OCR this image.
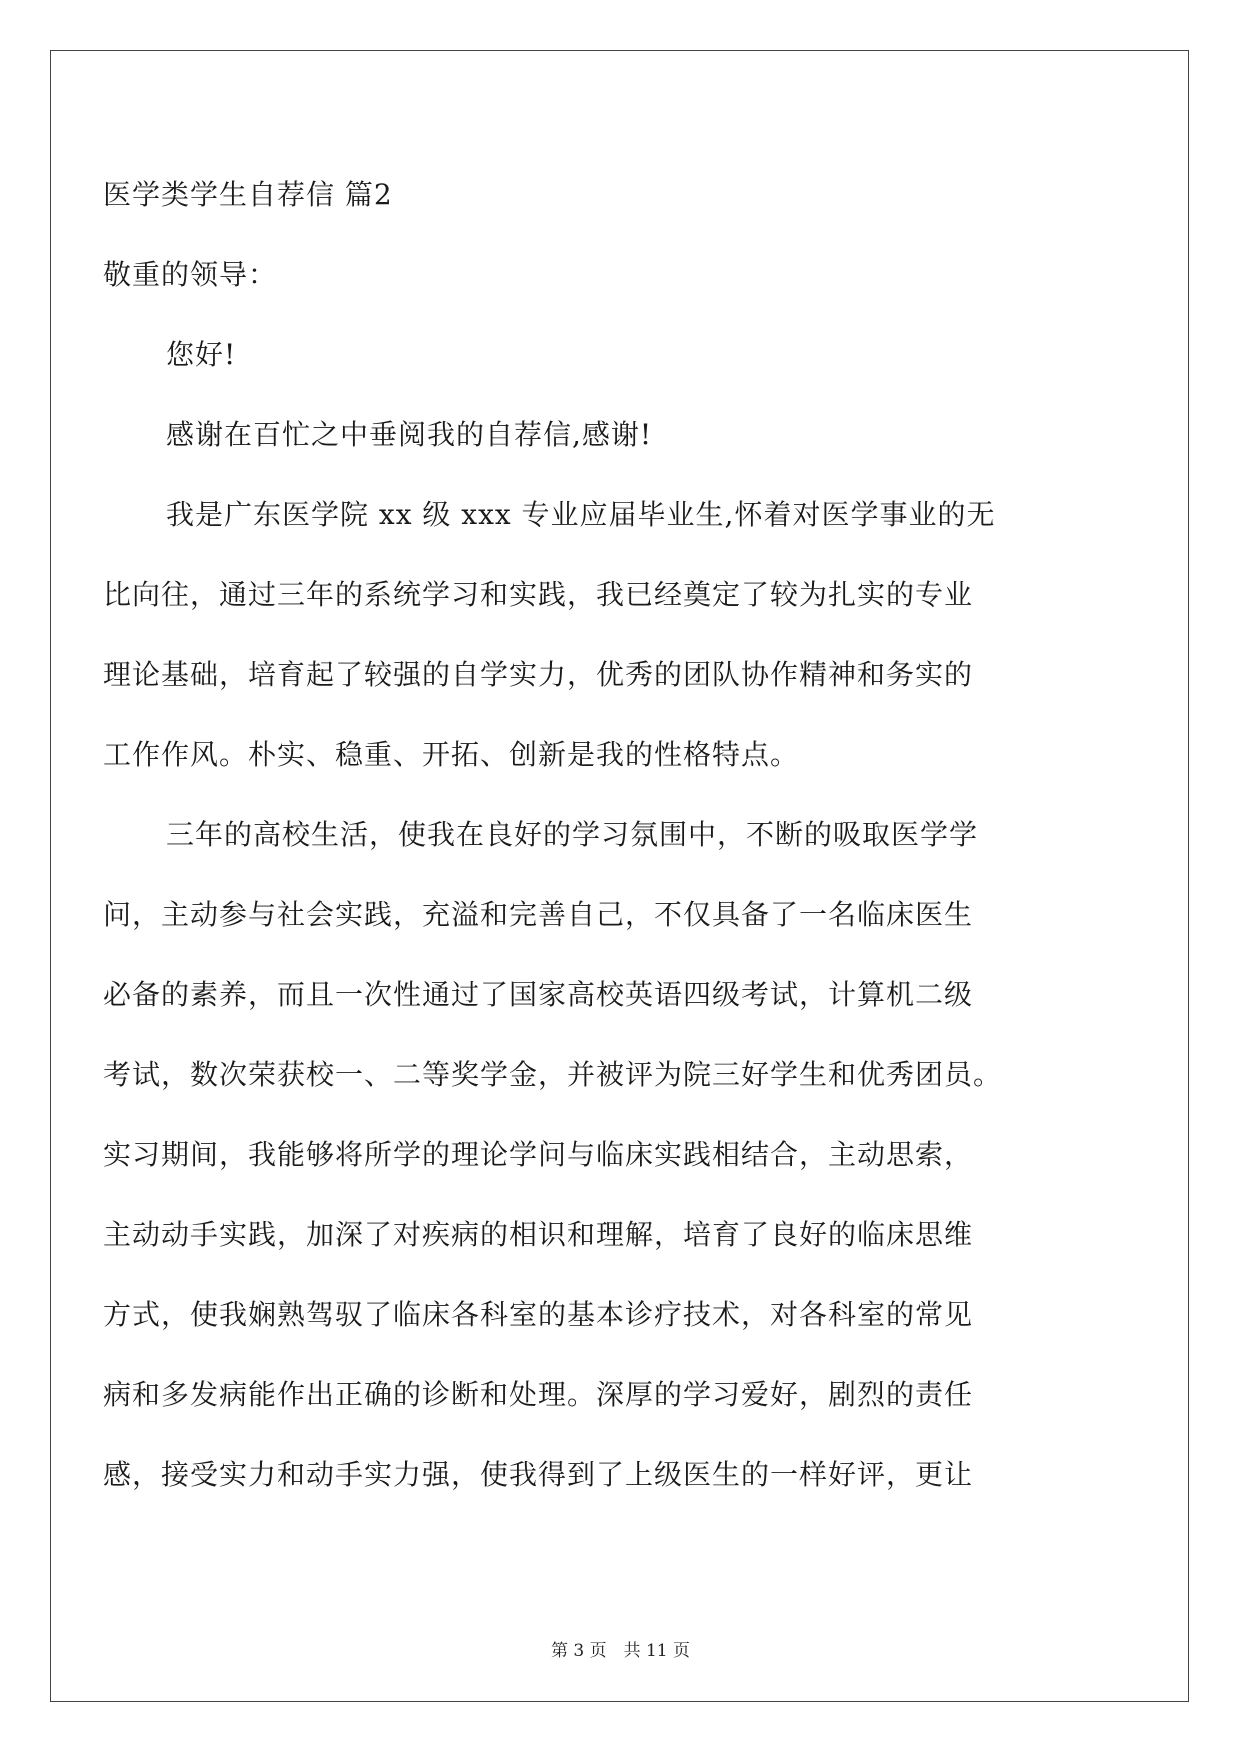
医学类学生自荐信 篇2
敬重的领导：
您好!
感谢在百忙之中垂阅我的自荐信,感谢!
我是广东医学院 xx 级 xxx 专业应届毕业生,怀着对医学事业的无
比向往，通过三年的系统学习和实践，我已经奠定了较为扎实的专业
理论基础，培育起了较强的自学实力，优秀的团队协作精神和务实的
工作作风。朴实、稳重、开拓、创新是我的性格特点。
三年的高校生活，使我在良好的学习氛围中，不断的吸取医学学
问，主动参与社会实践，充溢和完善自己，不仅具备了一名临床医生
必备的素养，而且一次性通过了国家高校英语四级考试，计算机二级
考试，数次荣获校一、二等奖学金，并被评为院三好学生和优秀团员。
实习期间，我能够将所学的理论学问与临床实践相结合，主动思索，
主动动手实践，加深了对疾病的相识和理解，培育了良好的临床思维
方式，使我娴熟驾驭了临床各科室的基本诊疗技术，对各科室的常见
病和多发病能作出正确的诊断和处理。深厚的学习爱好，剧烈的责任
感，接受实力和动手实力强，使我得到了上级医生的一样好评，更让
第 3 页　共 11 页
